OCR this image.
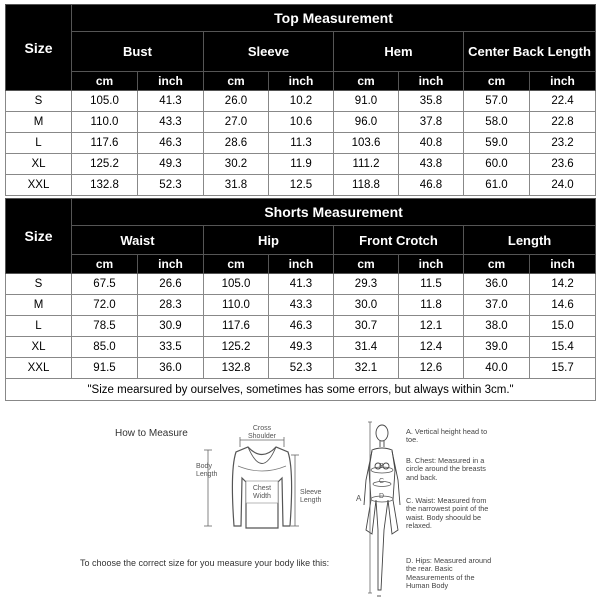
Size	Top Measurement							
	Bust		Sleeve		Hem		Center Back Length	
	cm	inch	cm	inch	cm	inch	cm	inch
S	105.0	41.3	26.0	10.2	91.0	35.8	57.0	22.4
M	110.0	43.3	27.0	10.6	96.0	37.8	58.0	22.8
L	117.6	46.3	28.6	11.3	103.6	40.8	59.0	23.2
XL	125.2	49.3	30.2	11.9	111.2	43.8	60.0	23.6
XXL	132.8	52.3	31.8	12.5	118.8	46.8	61.0	24.0
Size	Shorts Measurement							
	Waist		Hip		Front Crotch		Length	
	cm	inch	cm	inch	cm	inch	cm	inch
S	67.5	26.6	105.0	41.3	29.3	11.5	36.0	14.2
M	72.0	28.3	110.0	43.3	30.0	11.8	37.0	14.6
L	78.5	30.9	117.6	46.3	30.7	12.1	38.0	15.0
XL	85.0	33.5	125.2	49.3	31.4	12.4	39.0	15.4
XXL	91.5	36.0	132.8	52.3	32.1	12.6	40.0	15.7
"Size mearsured by ourselves, sometimes has some errors, but always within 3cm."								
How to Measure	Cross
Shoulder
Body
Length
Chest
Width
Sleeve
Length
To choose the correct size for you measure your body like this:
A
B
C
D
A. Vertical height head to toe.
B. Chest: Measured in a circle around the breasts and back.
C. Waist: Measured from the narrowest point of the waist. Body shoould be relaxed.
D. Hips: Measured around the rear. Basic Measurements of the Human Body
